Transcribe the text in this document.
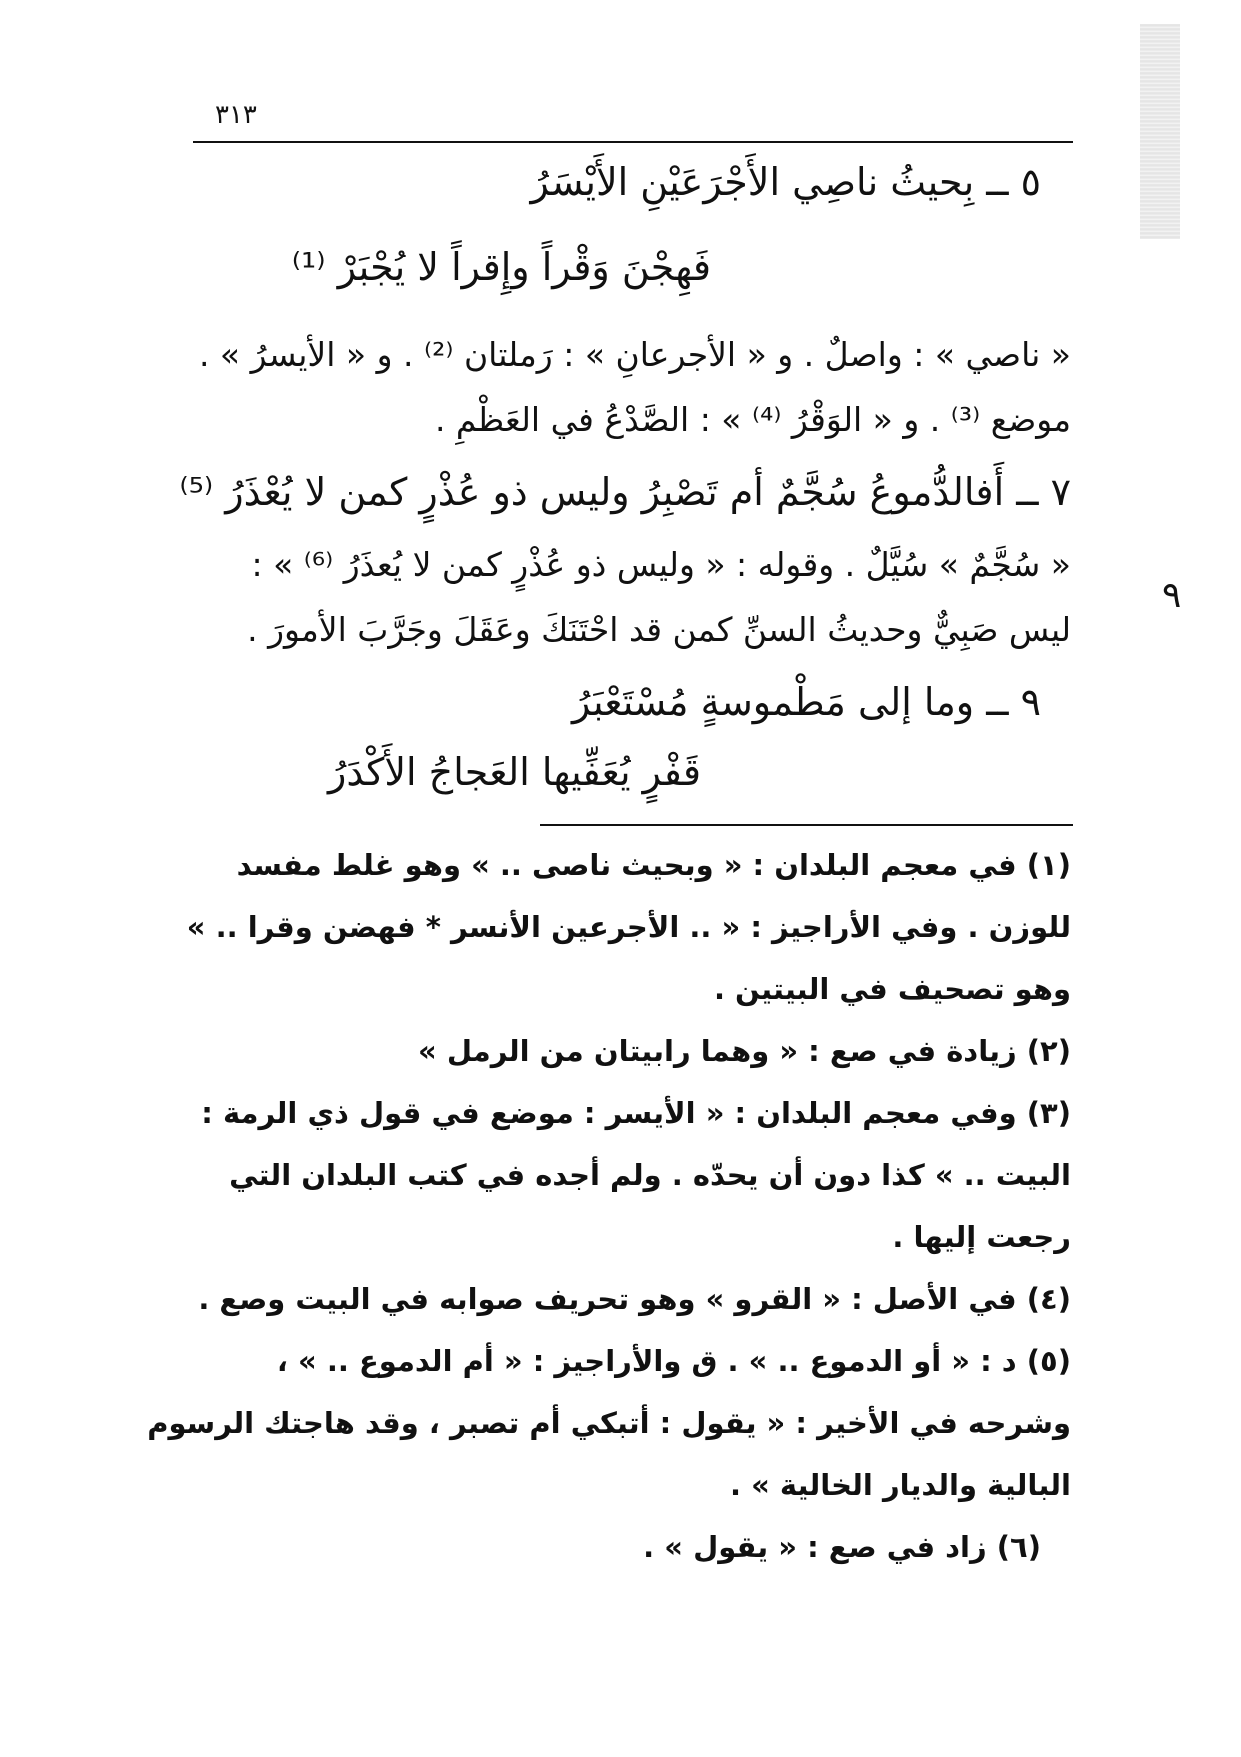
٣١٣
٥ ــ بِحيثُ ناصِي الأَجْرَعَيْنِ الأَيْسَرُ
فَهِجْنَ وَقْراً وإِقراً لا يُجْبَرْ ⁽¹⁾
« ناصي » : واصلٌ . و « الأجرعانِ » : رَملتان ⁽²⁾ . و « الأيسرُ » .
موضع ⁽³⁾ . و « الوَقْرُ ⁽⁴⁾ » : الصَّدْعُ في العَظْمِ .
٧ ــ أَفالدُّموعُ سُجَّمٌ أم تَصْبِرُ وليس ذو عُذْرٍ كمن لا يُعْذَرُ ⁽⁵⁾
« سُجَّمٌ » سُيَّلٌ . وقوله : « وليس ذو عُذْرٍ كمن لا يُعذَرُ ⁽⁶⁾ » :
ليس صَبِيٌّ وحديثُ السنِّ كمن قد احْتَنَكَ وعَقَلَ وجَرَّبَ الأمورَ .
٩
٩ ــ وما إلى مَطْموسةٍ مُسْتَعْبَرُ
قَفْرٍ يُعَفِّيها العَجاجُ الأَكْدَرُ
(١) في معجم البلدان : « وبحيث ناصى .. » وهو غلط مفسد
للوزن . وفي الأراجيز : « .. الأجرعين الأنسر * فهضن وقرا .. »
وهو تصحيف في البيتين .
(٢) زيادة في صع : « وهما رابيتان من الرمل »
(٣) وفي معجم البلدان : « الأيسر : موضع في قول ذي الرمة :
البيت .. » كذا دون أن يحدّه . ولم أجده في كتب البلدان التي
رجعت إليها .
(٤) في الأصل : « القرو » وهو تحريف صوابه في البيت وصع .
(٥) د : « أو الدموع .. » . ق والأراجيز : « أم الدموع .. » ،
وشرحه في الأخير : « يقول : أتبكي أم تصبر ، وقد هاجتك الرسوم
البالية والديار الخالية » .
(٦) زاد في صع : « يقول » .
